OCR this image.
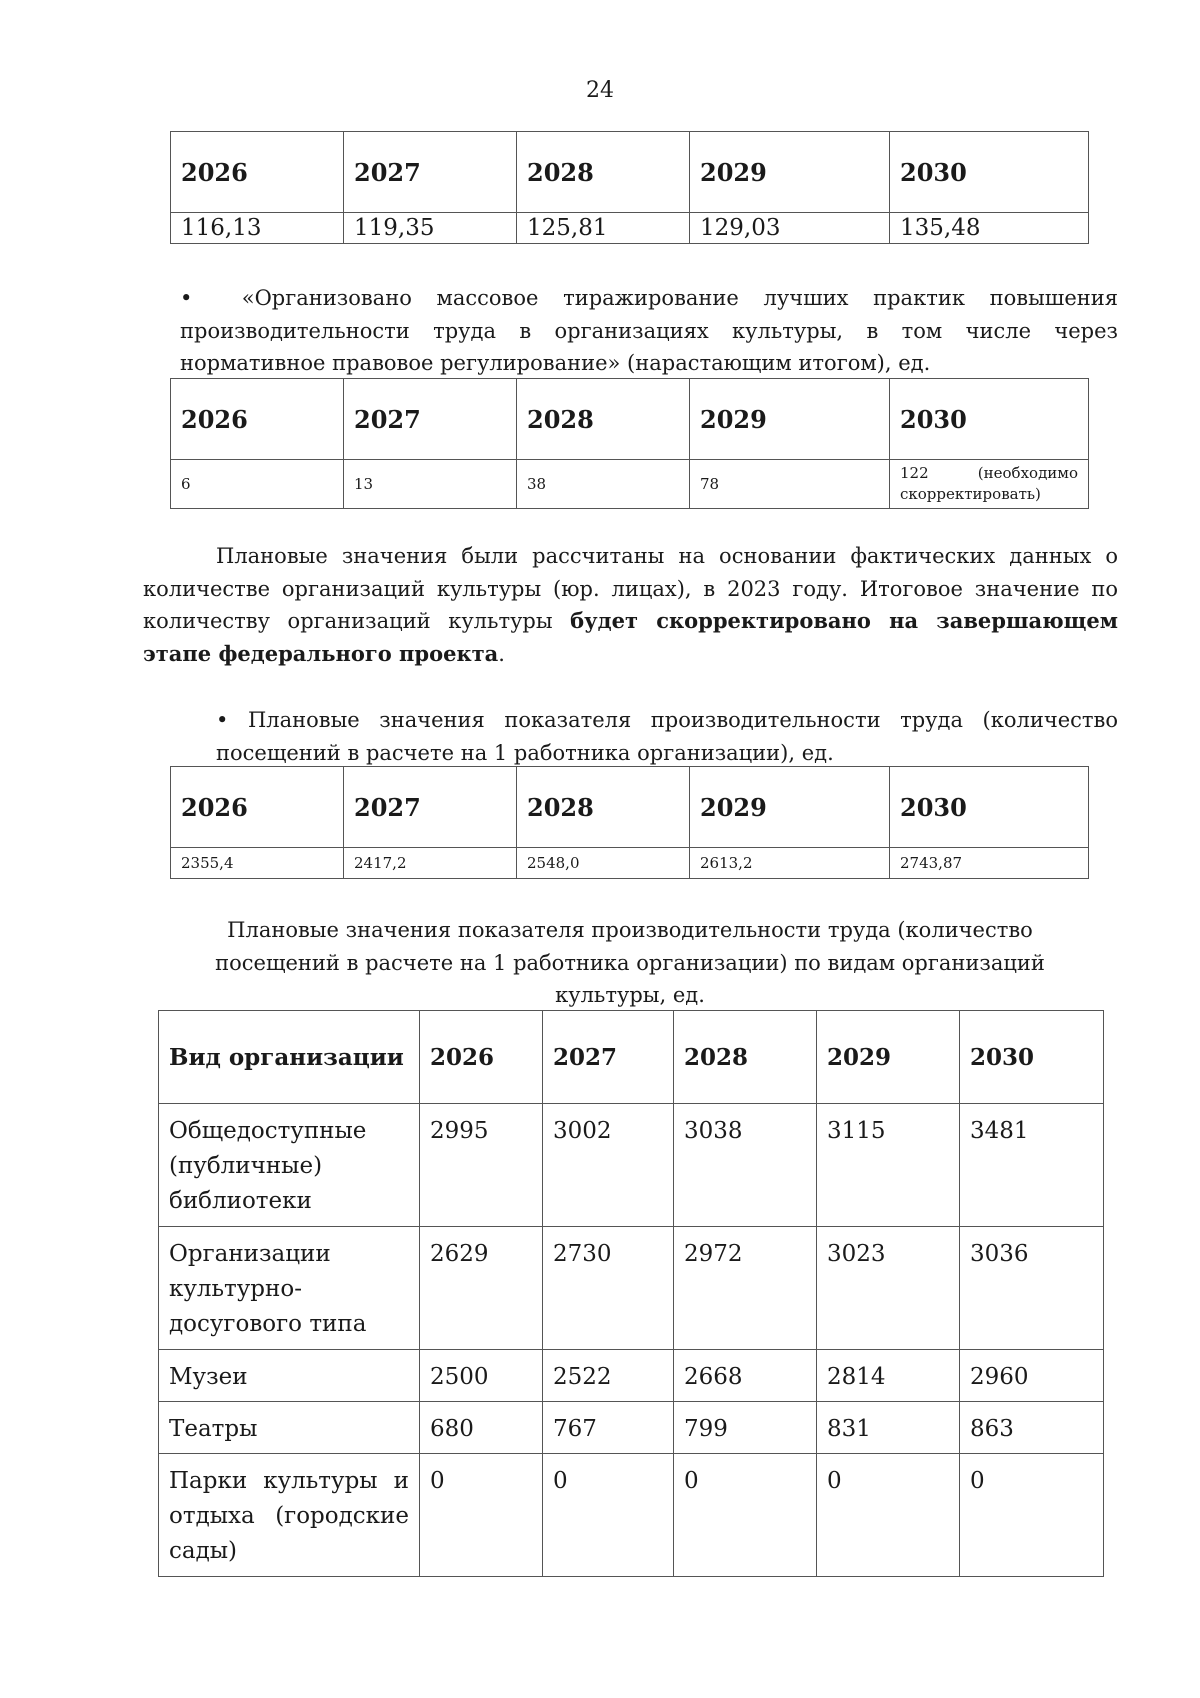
24
2026	2027	2028	2029	2030
116,13	119,35	125,81	129,03	135,48

• «Организовано массовое тиражирование лучших практик повышения производительности труда в организациях культуры, в том числе через нормативное правовое регулирование» (нарастающим итогом), ед.

2026	2027	2028	2029	2030
6	13	38	78	122 (необходимо скорректировать)

Плановые значения были рассчитаны на основании фактических данных о количестве организаций культуры (юр. лицах), в 2023 году. Итоговое значение по количеству организаций культуры будет скорректировано на завершающем этапе федерального проекта.

• Плановые значения показателя производительности труда (количество посещений в расчете на 1 работника организации), ед.

2026	2027	2028	2029	2030
2355,4	2417,2	2548,0	2613,2	2743,87

Плановые значения показателя производительности труда (количество посещений в расчете на 1 работника организации) по видам организаций культуры, ед.

Вид организации	2026	2027	2028	2029	2030
Общедоступные (публичные) библиотеки	2995	3002	3038	3115	3481
Организации культурно-досугового типа	2629	2730	2972	3023	3036
Музеи	2500	2522	2668	2814	2960
Театры	680	767	799	831	863
Парки культуры и отдыха (городские сады)	0	0	0	0	0
